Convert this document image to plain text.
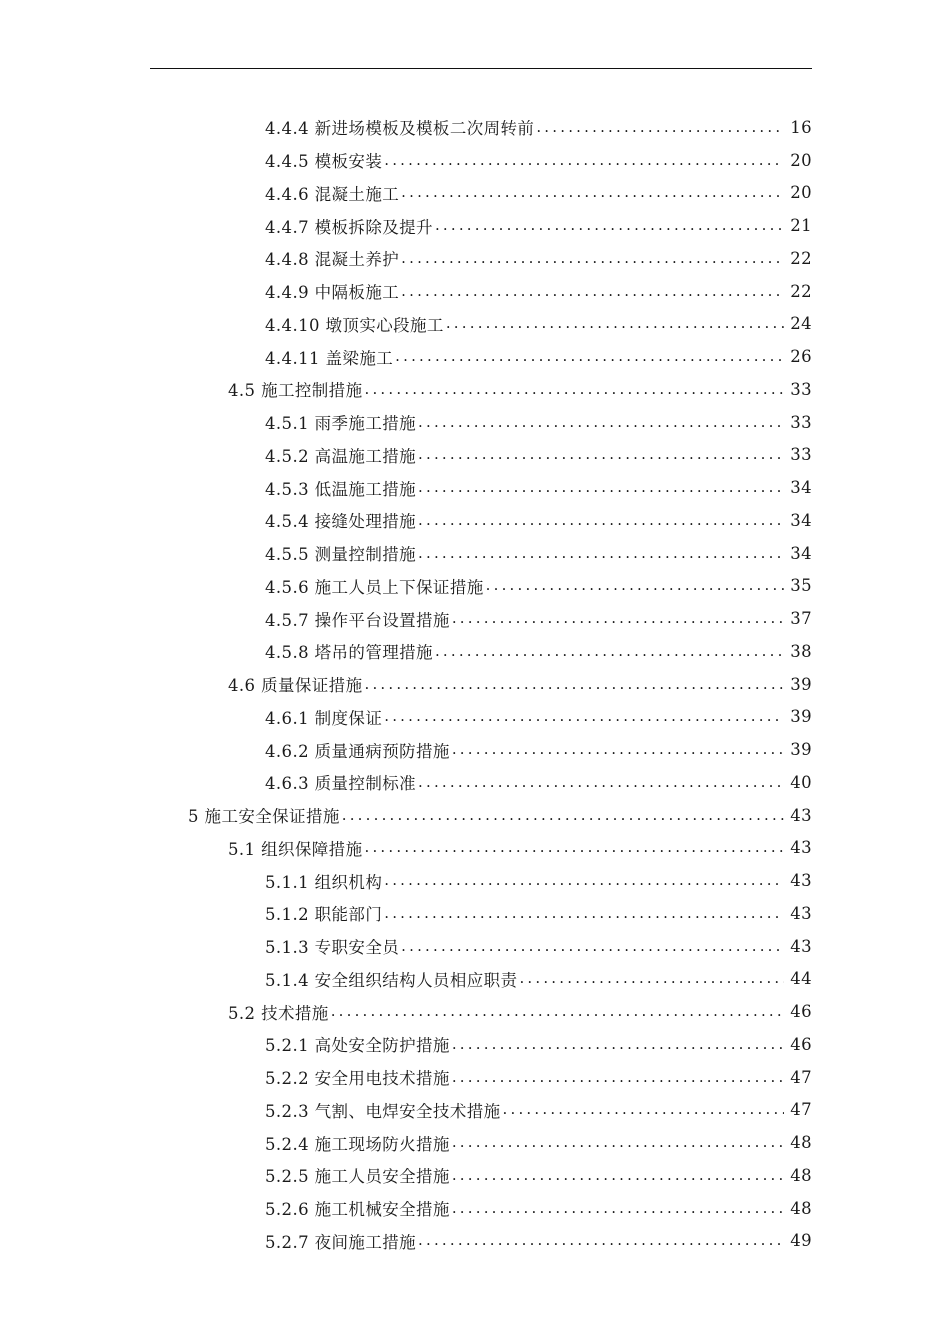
4.4.4 新进场模板及模板二次周转前 .....	16
4.4.5 模板安装 .....	20
4.4.6 混凝土施工 .....	20
4.4.7 模板拆除及提升 .....	21
4.4.8 混凝土养护 .....	22
4.4.9 中隔板施工 .....	22
4.4.10 墩顶实心段施工 .....	24
4.4.11 盖梁施工 .....	26
4.5 施工控制措施 .....	33
4.5.1 雨季施工措施 .....	33
4.5.2 高温施工措施 .....	33
4.5.3 低温施工措施 .....	34
4.5.4 接缝处理措施 .....	34
4.5.5 测量控制措施 .....	34
4.5.6 施工人员上下保证措施 .....	35
4.5.7 操作平台设置措施 .....	37
4.5.8 塔吊的管理措施 .....	38
4.6 质量保证措施 .....	39
4.6.1 制度保证 .....	39
4.6.2 质量通病预防措施 .....	39
4.6.3 质量控制标准 .....	40
5 施工安全保证措施 .....	43
5.1 组织保障措施 .....	43
5.1.1 组织机构 .....	43
5.1.2 职能部门 .....	43
5.1.3 专职安全员 .....	43
5.1.4 安全组织结构人员相应职责 .....	44
5.2 技术措施 .....	46
5.2.1 高处安全防护措施 .....	46
5.2.2 安全用电技术措施 .....	47
5.2.3 气割、电焊安全技术措施 .....	47
5.2.4 施工现场防火措施 .....	48
5.2.5 施工人员安全措施 .....	48
5.2.6 施工机械安全措施 .....	48
5.2.7 夜间施工措施 .....	49
